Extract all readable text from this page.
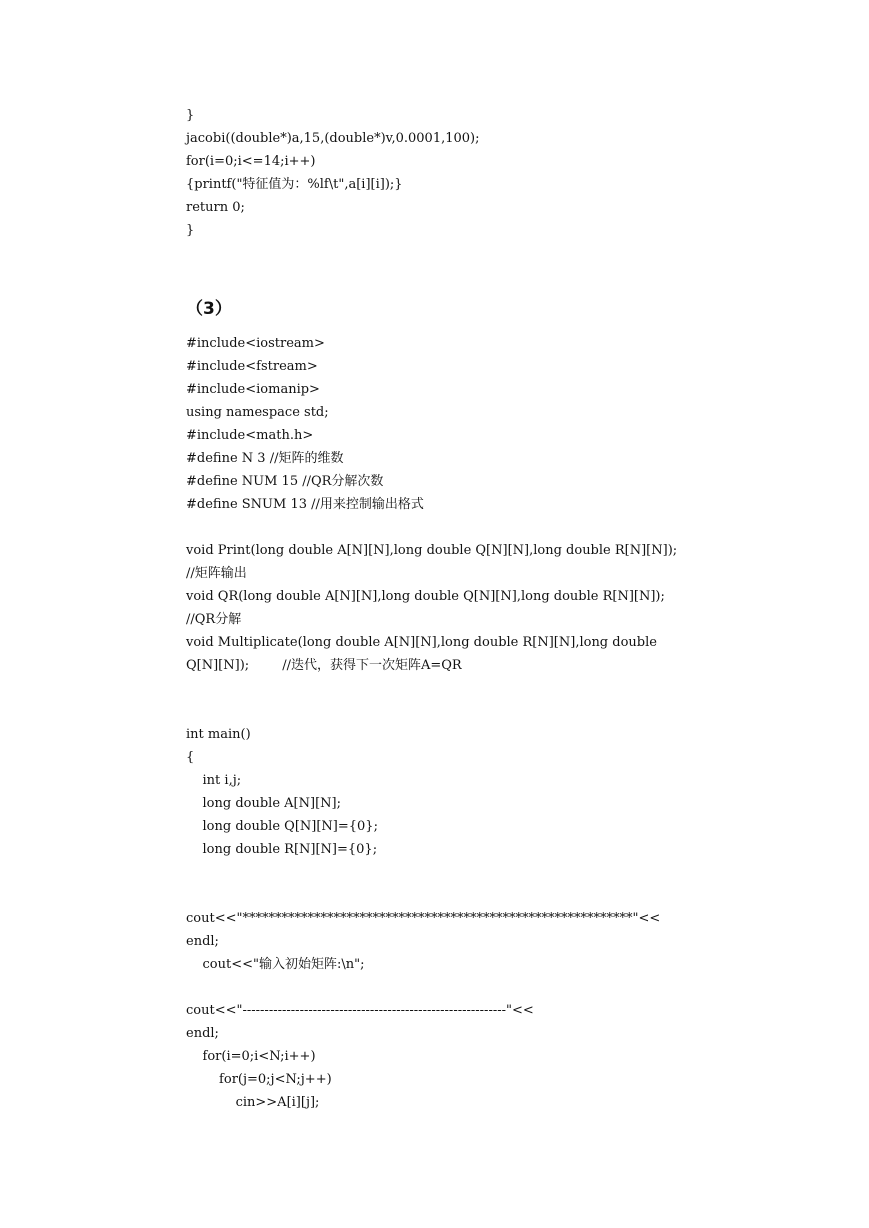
}
jacobi((double*)a,15,(double*)v,0.0001,100);
for(i=0;i<=14;i++)
{printf("特征值为：%lf\t",a[i][i]);}
return 0;
}
（3）
#include<iostream>
#include<fstream>
#include<iomanip>
using namespace std;
#include<math.h>
#define N 3 //矩阵的维数
#define NUM 15 //QR分解次数
#define SNUM 13 //用来控制输出格式
void Print(long double A[N][N],long double Q[N][N],long double R[N][N]);
//矩阵输出
void QR(long double A[N][N],long double Q[N][N],long double R[N][N]);
//QR分解
void Multiplicate(long double A[N][N],long double R[N][N],long double
Q[N][N]);        //迭代，获得下一次矩阵A=QR
int main()
{
int i,j;
long double A[N][N];
long double Q[N][N]={0};
long double R[N][N]={0};
cout<<"************************************************************"<<
endl;
cout<<"输入初始矩阵:\n";
cout<<"------------------------------------------------------------"<<
endl;
for(i=0;i<N;i++)
for(j=0;j<N;j++)
cin>>A[i][j];
